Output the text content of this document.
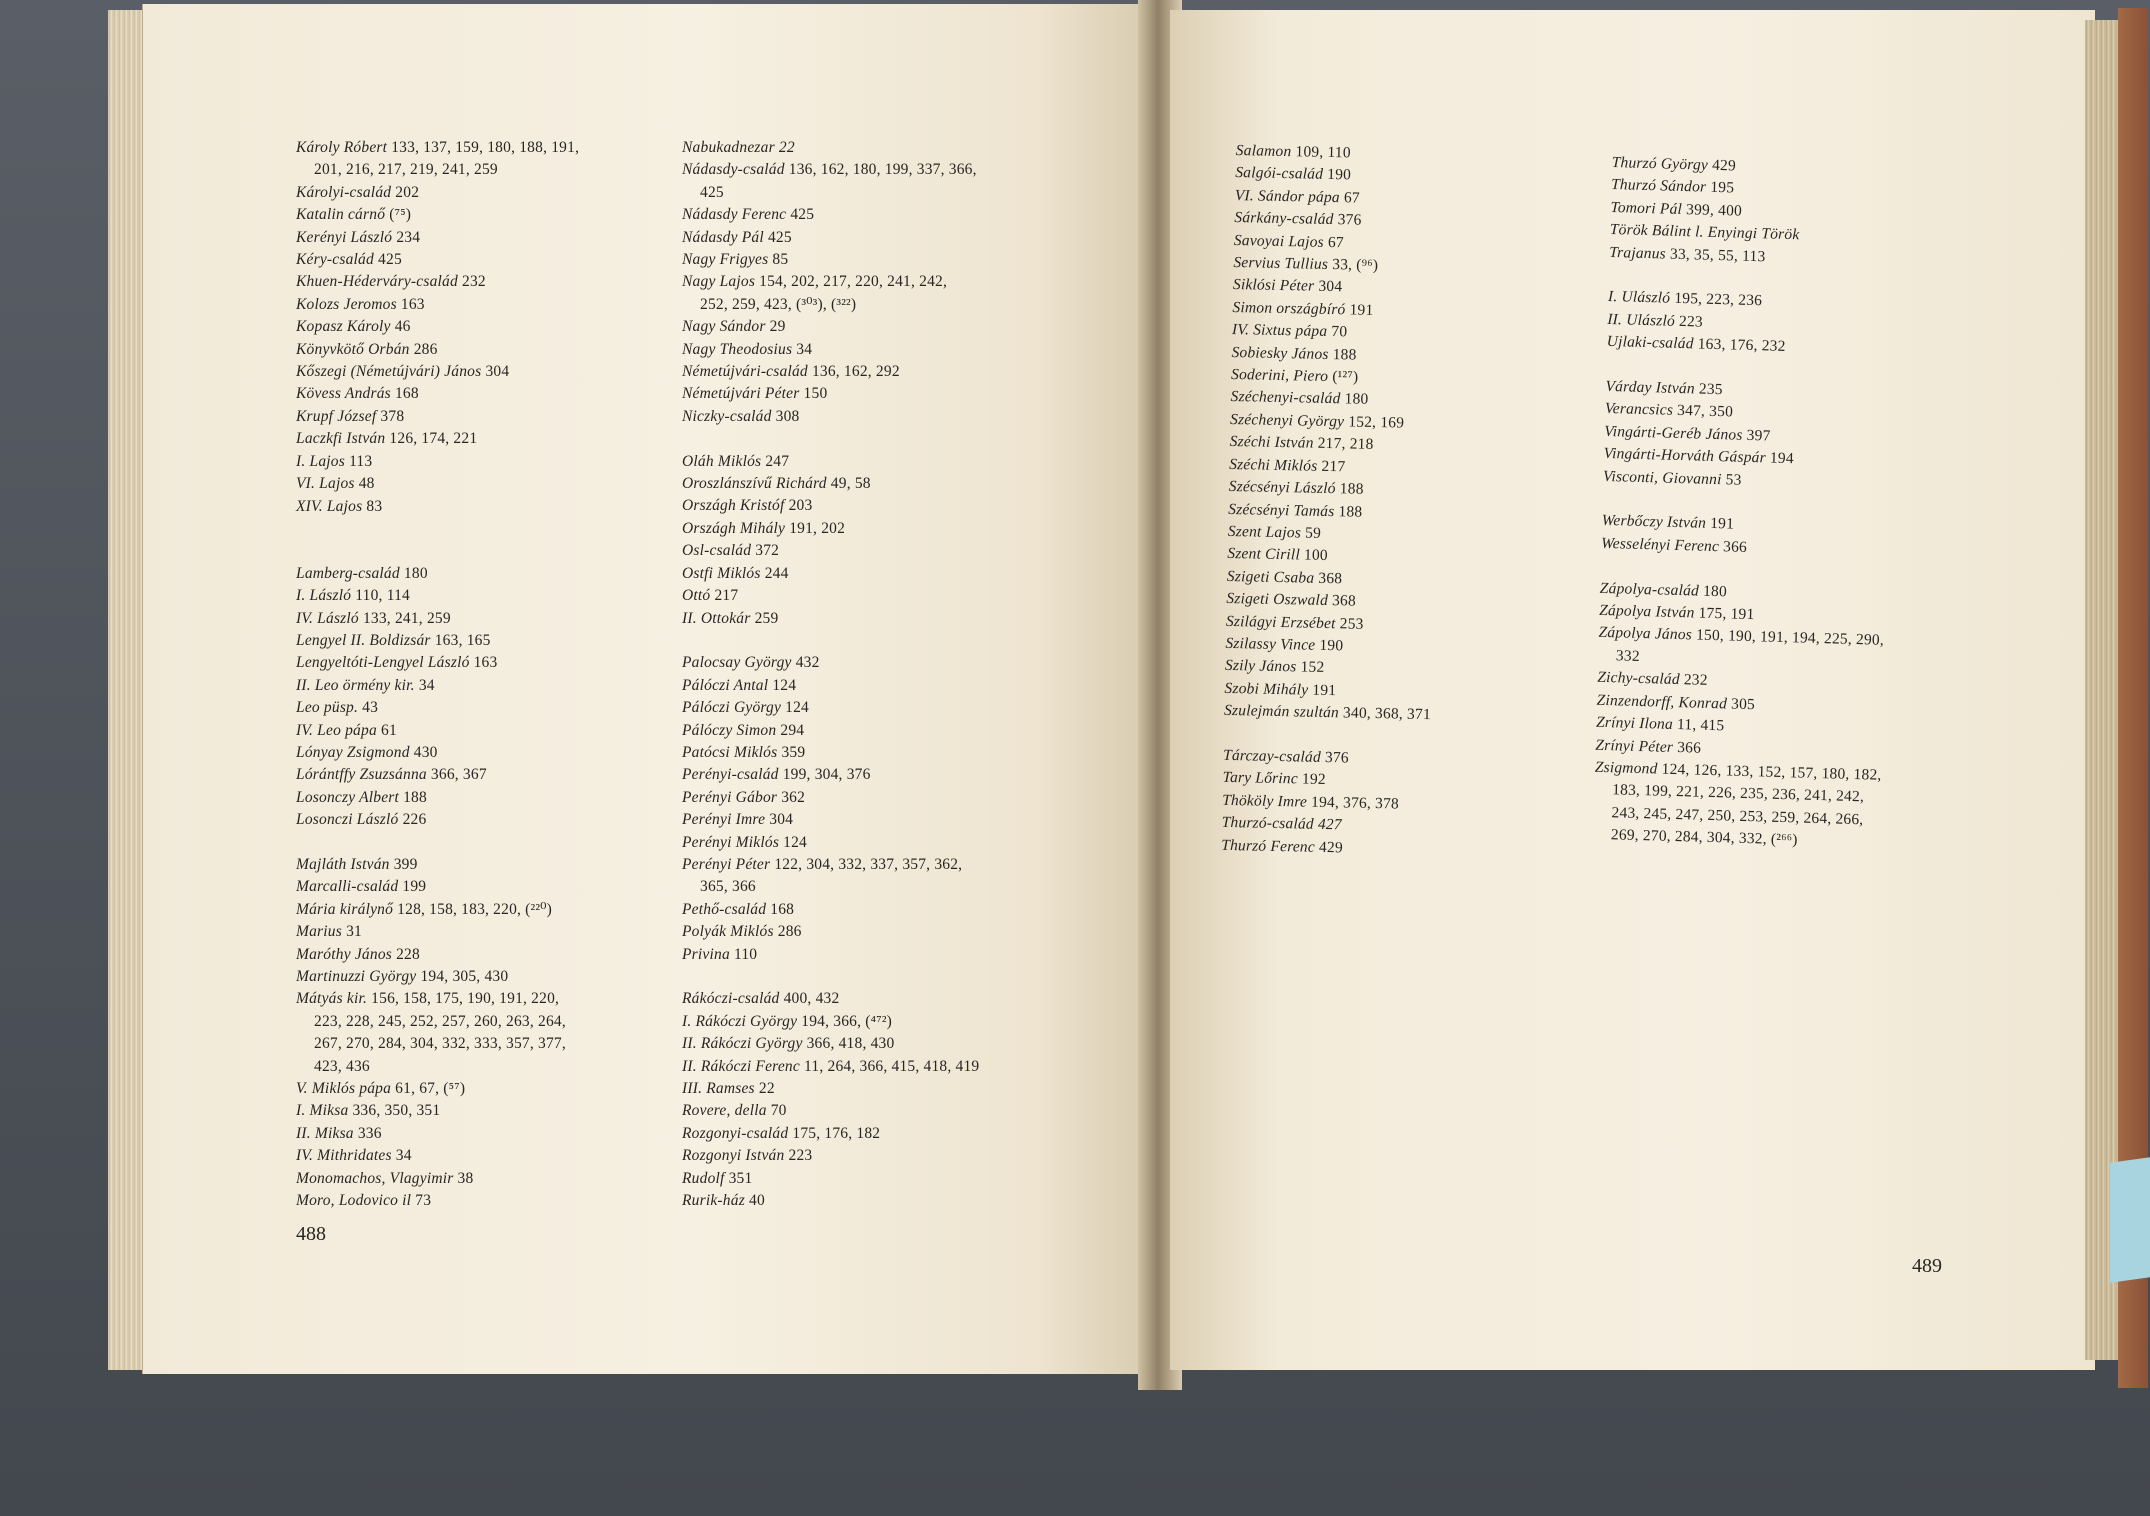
Károly Róbert 133, 137, 159, 180, 188, 191,
201, 216, 217, 219, 241, 259
Károlyi-család 202
Katalin cárnő (⁷⁵)
Kerényi László 234
Kéry-család 425
Khuen-Héderváry-család 232
Kolozs Jeromos 163
Kopasz Károly 46
Könyvkötő Orbán 286
Kőszegi (Németújvári) János 304
Kövess András 168
Krupf József 378
Laczkfi István 126, 174, 221
I. Lajos 113
VI. Lajos 48
XIV. Lajos 83
Lamberg-család 180
I. László 110, 114
IV. László 133, 241, 259
Lengyel II. Boldizsár 163, 165
Lengyeltóti-Lengyel László 163
II. Leo örmény kir. 34
Leo püsp. 43
IV. Leo pápa 61
Lónyay Zsigmond 430
Lórántffy Zsuzsánna 366, 367
Losonczy Albert 188
Losonczi László 226
Majláth István 399
Marcalli-család 199
Mária királynő 128, 158, 183, 220, (²²⁰)
Marius 31
Maróthy János 228
Martinuzzi György 194, 305, 430
Mátyás kir. 156, 158, 175, 190, 191, 220,
223, 228, 245, 252, 257, 260, 263, 264,
267, 270, 284, 304, 332, 333, 357, 377,
423, 436
V. Miklós pápa 61, 67, (⁵⁷)
I. Miksa 336, 350, 351
II. Miksa 336
IV. Mithridates 34
Monomachos, Vlagyimir 38
Moro, Lodovico il 73
Nabukadnezar 22
Nádasdy-család 136, 162, 180, 199, 337, 366,
425
Nádasdy Ferenc 425
Nádasdy Pál 425
Nagy Frigyes 85
Nagy Lajos 154, 202, 217, 220, 241, 242,
252, 259, 423, (³⁰³), (³²²)
Nagy Sándor 29
Nagy Theodosius 34
Németújvári-család 136, 162, 292
Németújvári Péter 150
Niczky-család 308
Oláh Miklós 247
Oroszlánszívű Richárd 49, 58
Országh Kristóf 203
Országh Mihály 191, 202
Osl-család 372
Ostfi Miklós 244
Ottó 217
II. Ottokár 259
Palocsay György 432
Pálóczi Antal 124
Pálóczi György 124
Pálóczy Simon 294
Patócsi Miklós 359
Perényi-család 199, 304, 376
Perényi Gábor 362
Perényi Imre 304
Perényi Miklós 124
Perényi Péter 122, 304, 332, 337, 357, 362,
365, 366
Pethő-család 168
Polyák Miklós 286
Privina 110
Rákóczi-család 400, 432
I. Rákóczi György 194, 366, (⁴⁷²)
II. Rákóczi György 366, 418, 430
II. Rákóczi Ferenc 11, 264, 366, 415, 418, 419
III. Ramses 22
Rovere, della 70
Rozgonyi-család 175, 176, 182
Rozgonyi István 223
Rudolf 351
Rurik-ház 40
Salamon 109, 110
Salgói-család 190
VI. Sándor pápa 67
Sárkány-család 376
Savoyai Lajos 67
Servius Tullius 33, (⁹⁶)
Siklósi Péter 304
Simon országbíró 191
IV. Sixtus pápa 70
Sobiesky János 188
Soderini, Piero (¹²⁷)
Széchenyi-család 180
Széchenyi György 152, 169
Széchi István 217, 218
Széchi Miklós 217
Szécsényi László 188
Szécsényi Tamás 188
Szent Lajos 59
Szent Cirill 100
Szigeti Csaba 368
Szigeti Oszwald 368
Szilágyi Erzsébet 253
Szilassy Vince 190
Szily János 152
Szobi Mihály 191
Szulejmán szultán 340, 368, 371
Tárczay-család 376
Tary Lőrinc 192
Thököly Imre 194, 376, 378
Thurzó-család 427
Thurzó Ferenc 429
Thurzó György 429
Thurzó Sándor 195
Tomori Pál 399, 400
Török Bálint l. Enyingi Török
Trajanus 33, 35, 55, 113
I. Ulászló 195, 223, 236
II. Ulászló 223
Ujlaki-család 163, 176, 232
Várday István 235
Verancsics 347, 350
Vingárti-Geréb János 397
Vingárti-Horváth Gáspár 194
Visconti, Giovanni 53
Werbőczy István 191
Wesselényi Ferenc 366
Zápolya-család 180
Zápolya István 175, 191
Zápolya János 150, 190, 191, 194, 225, 290,
332
Zichy-család 232
Zinzendorff, Konrad 305
Zrínyi Ilona 11, 415
Zrínyi Péter 366
Zsigmond 124, 126, 133, 152, 157, 180, 182,
183, 199, 221, 226, 235, 236, 241, 242,
243, 245, 247, 250, 253, 259, 264, 266,
269, 270, 284, 304, 332, (²⁶⁶)
488
489
